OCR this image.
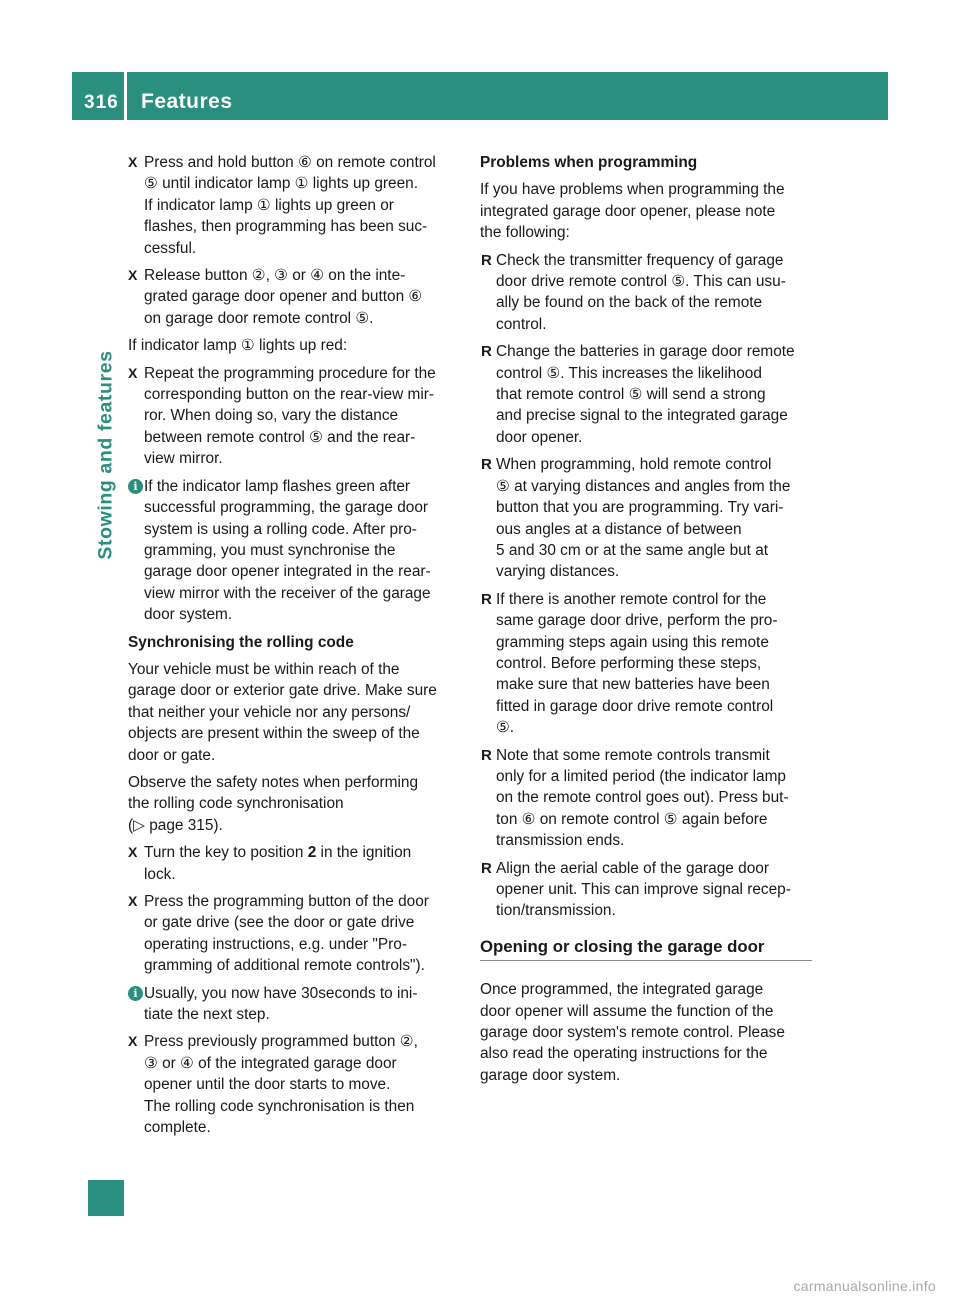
316 Features
Stowing and features
X Press and hold button ⑥ on remote control
⑤ until indicator lamp ① lights up green.
If indicator lamp ① lights up green or
flashes, then programming has been suc-
cessful.
X Release button ②, ③ or ④ on the inte-
grated garage door opener and button ⑥
on garage door remote control ⑤.

If indicator lamp ① lights up red:

X Repeat the programming procedure for the
corresponding button on the rear-view mir-
ror. When doing so, vary the distance
between remote control ⑤ and the rear-
view mirror.
i If the indicator lamp flashes green after
successful programming, the garage door
system is using a rolling code. After pro-
gramming, you must synchronise the
garage door opener integrated in the rear-
view mirror with the receiver of the garage
door system.

Synchronising the rolling code

Your vehicle must be within reach of the
garage door or exterior gate drive. Make sure
that neither your vehicle nor any persons/
objects are present within the sweep of the
door or gate.

Observe the safety notes when performing
the rolling code synchronisation
(▷ page 315).

X Turn the key to position 2 in the ignition
lock.
X Press the programming button of the door
or gate drive (see the door or gate drive
operating instructions, e.g. under "Pro-
gramming of additional remote controls").
i Usually, you now have 30seconds to ini-
tiate the next step.
X Press previously programmed button ②,
③ or ④ of the integrated garage door
opener until the door starts to move.
The rolling code synchronisation is then
complete.

Problems when programming

If you have problems when programming the
integrated garage door opener, please note
the following:

R Check the transmitter frequency of garage
door drive remote control ⑤. This can usu-
ally be found on the back of the remote
control.
R Change the batteries in garage door remote
control ⑤. This increases the likelihood
that remote control ⑤ will send a strong
and precise signal to the integrated garage
door opener.
R When programming, hold remote control
⑤ at varying distances and angles from the
button that you are programming. Try vari-
ous angles at a distance of between
5 and 30 cm or at the same angle but at
varying distances.
R If there is another remote control for the
same garage door drive, perform the pro-
gramming steps again using this remote
control. Before performing these steps,
make sure that new batteries have been
fitted in garage door drive remote control
⑤.
R Note that some remote controls transmit
only for a limited period (the indicator lamp
on the remote control goes out). Press but-
ton ⑥ on remote control ⑤ again before
transmission ends.
R Align the aerial cable of the garage door
opener unit. This can improve signal recep-
tion/transmission.
Opening or closing the garage door

Once programmed, the integrated garage
door opener will assume the function of the
garage door system's remote control. Please
also read the operating instructions for the
garage door system.

carmanualsonline.info
